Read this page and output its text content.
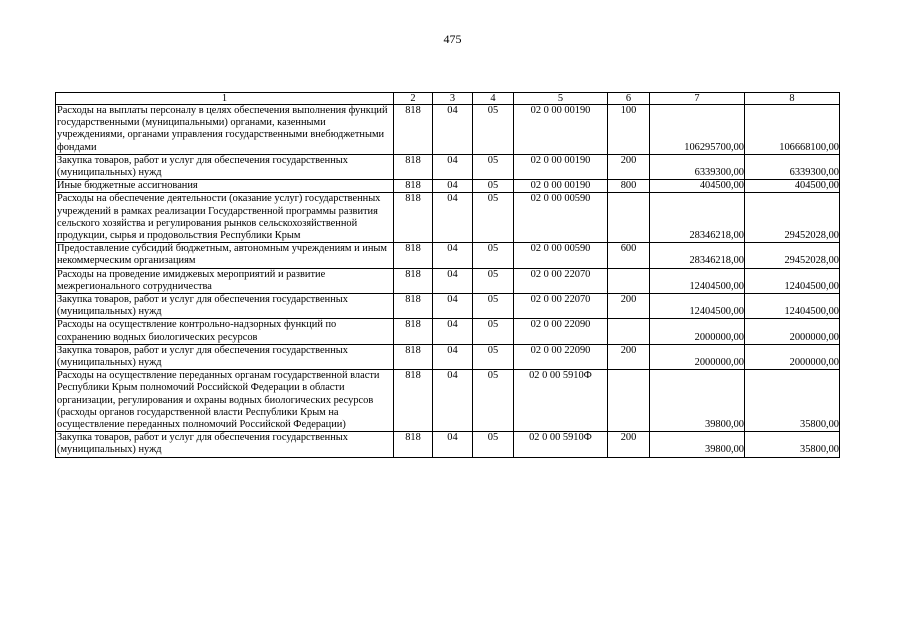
475
1	2	3	4	5	6	7	8
Расходы на выплаты персоналу в целях обеспечения выполнения функций государственными (муниципальными) органами, казенными учреждениями, органами управления государственными внебюджетными фондами	818	04	05	02 0 00 00190	100	106295700,00	106668100,00
Закупка товаров, работ и услуг для обеспечения государственных (муниципальных) нужд	818	04	05	02 0 00 00190	200	6339300,00	6339300,00
Иные бюджетные ассигнования	818	04	05	02 0 00 00190	800	404500,00	404500,00
Расходы на обеспечение деятельности (оказание услуг) государственных учреждений в рамках реализации Государственной программы развития сельского хозяйства и регулирования рынков сельскохозяйственной продукции, сырья и продовольствия Республики Крым	818	04	05	02 0 00 00590		28346218,00	29452028,00
Предоставление субсидий бюджетным, автономным учреждениям и иным некоммерческим организациям	818	04	05	02 0 00 00590	600	28346218,00	29452028,00
Расходы на проведение имиджевых мероприятий и развитие межрегионального сотрудничества	818	04	05	02 0 00 22070		12404500,00	12404500,00
Закупка товаров, работ и услуг для обеспечения государственных (муниципальных) нужд	818	04	05	02 0 00 22070	200	12404500,00	12404500,00
Расходы на осуществление контрольно-надзорных функций по сохранению водных биологических ресурсов	818	04	05	02 0 00 22090		2000000,00	2000000,00
Закупка товаров, работ и услуг для обеспечения государственных (муниципальных) нужд	818	04	05	02 0 00 22090	200	2000000,00	2000000,00
Расходы на осуществление переданных органам государственной власти Республики Крым полномочий Российской Федерации в области организации, регулирования и охраны водных биологических ресурсов (расходы органов государственной власти Республики Крым на осуществление переданных полномочий Российской Федерации)	818	04	05	02 0 00 5910Ф		39800,00	35800,00
Закупка товаров, работ и услуг для обеспечения государственных (муниципальных) нужд	818	04	05	02 0 00 5910Ф	200	39800,00	35800,00
